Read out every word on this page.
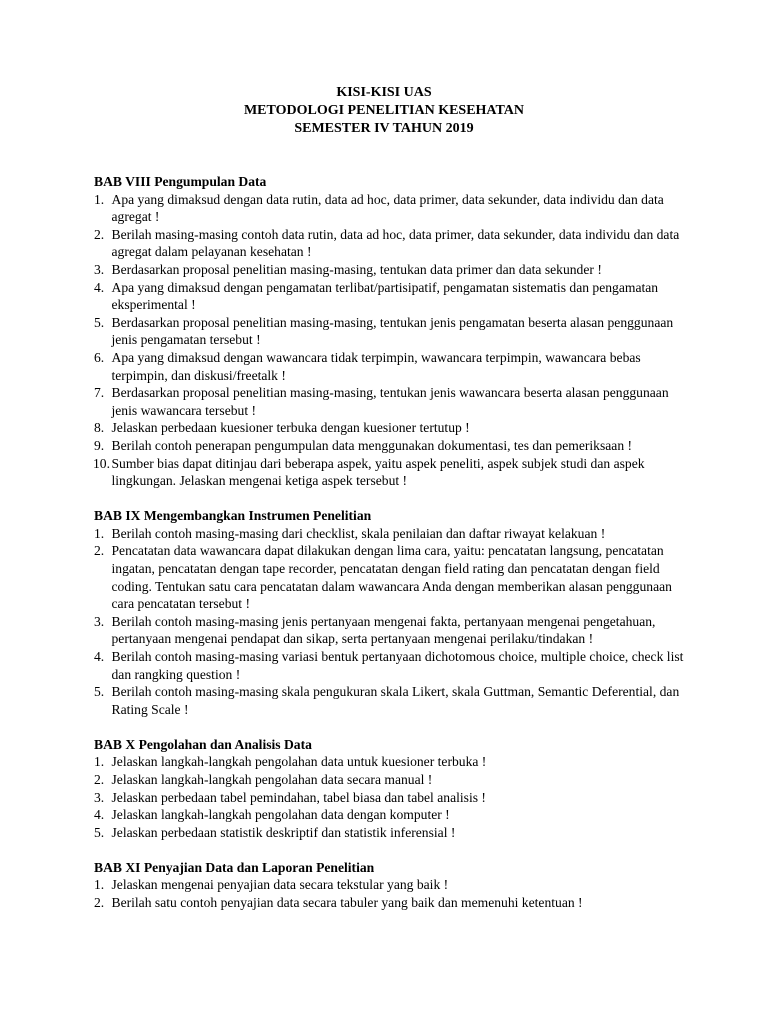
KISI-KISI UAS
METODOLOGI PENELITIAN KESEHATAN
SEMESTER IV TAHUN 2019
BAB VIII Pengumpulan Data
1. Apa yang dimaksud dengan data rutin, data ad hoc, data primer, data sekunder, data individu dan data agregat !
2. Berilah masing-masing contoh data rutin, data ad hoc, data primer, data sekunder, data individu dan data agregat dalam pelayanan kesehatan !
3. Berdasarkan proposal penelitian masing-masing, tentukan data primer dan data sekunder !
4. Apa yang dimaksud dengan pengamatan terlibat/partisipatif, pengamatan sistematis dan pengamatan eksperimental !
5. Berdasarkan proposal penelitian masing-masing, tentukan jenis pengamatan beserta alasan penggunaan jenis pengamatan tersebut !
6. Apa yang dimaksud dengan wawancara tidak terpimpin, wawancara terpimpin, wawancara bebas terpimpin, dan diskusi/freetalk !
7. Berdasarkan proposal penelitian masing-masing, tentukan jenis wawancara beserta alasan penggunaan jenis wawancara tersebut !
8. Jelaskan perbedaan kuesioner terbuka dengan kuesioner tertutup !
9. Berilah contoh penerapan pengumpulan data menggunakan dokumentasi, tes dan pemeriksaan !
10. Sumber bias dapat ditinjau dari beberapa aspek, yaitu aspek peneliti, aspek subjek studi dan aspek lingkungan. Jelaskan mengenai ketiga aspek tersebut !
BAB IX Mengembangkan Instrumen Penelitian
1. Berilah contoh masing-masing dari checklist, skala penilaian dan daftar riwayat kelakuan !
2. Pencatatan data wawancara dapat dilakukan dengan lima cara, yaitu: pencatatan langsung, pencatatan ingatan, pencatatan dengan tape recorder, pencatatan dengan field rating dan pencatatan dengan field coding. Tentukan satu cara pencatatan dalam wawancara Anda dengan memberikan alasan penggunaan cara pencatatan tersebut !
3. Berilah contoh masing-masing jenis pertanyaan mengenai fakta, pertanyaan mengenai pengetahuan, pertanyaan mengenai pendapat dan sikap, serta pertanyaan mengenai perilaku/tindakan !
4. Berilah contoh masing-masing variasi bentuk pertanyaan dichotomous choice, multiple choice, check list dan rangking question !
5. Berilah contoh masing-masing skala pengukuran skala Likert, skala Guttman, Semantic Deferential, dan Rating Scale !
BAB X Pengolahan dan Analisis Data
1. Jelaskan langkah-langkah pengolahan data untuk kuesioner terbuka !
2. Jelaskan langkah-langkah pengolahan data secara manual !
3. Jelaskan perbedaan tabel pemindahan, tabel biasa dan tabel analisis !
4. Jelaskan langkah-langkah pengolahan data dengan komputer !
5. Jelaskan perbedaan statistik deskriptif dan statistik inferensial !
BAB XI Penyajian Data dan Laporan Penelitian
1. Jelaskan mengenai penyajian data secara tekstular yang baik !
2. Berilah satu contoh penyajian data secara tabuler yang baik dan memenuhi ketentuan !
